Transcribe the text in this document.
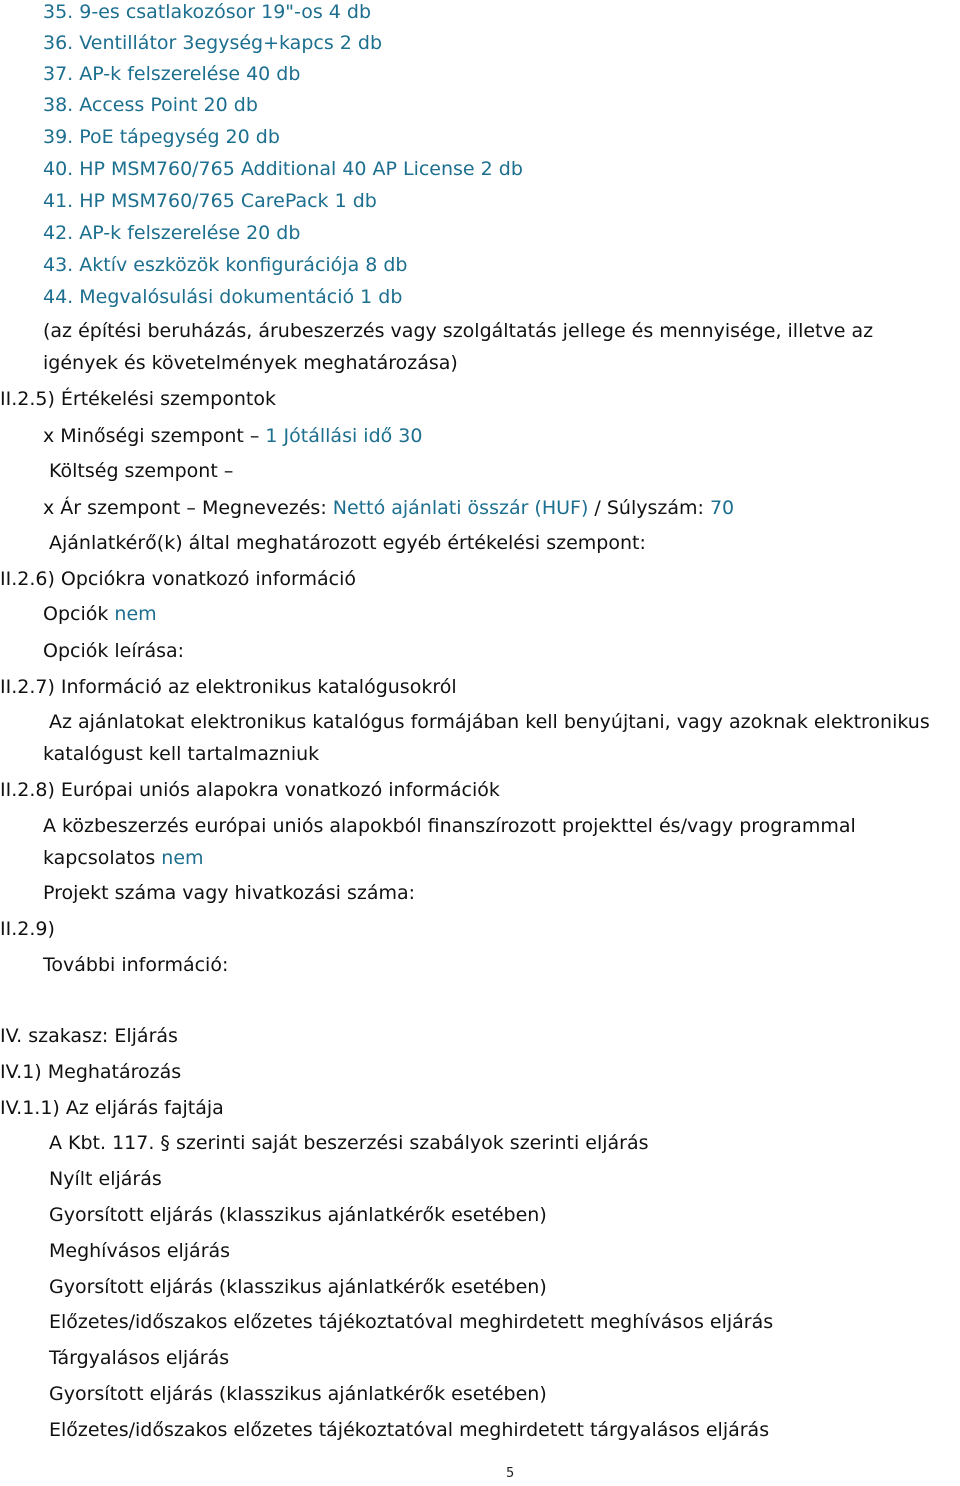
35. 9-es csatlakozósor 19"-os 4 db
36. Ventillátor 3egység+kapcs 2 db
37. AP-k felszerelése 40 db
38. Access Point 20 db
39. PoE tápegység 20 db
40. HP MSM760/765 Additional 40 AP License 2 db
41. HP MSM760/765 CarePack 1 db
42. AP-k felszerelése 20 db
43. Aktív eszközök konfigurációja 8 db
44. Megvalósulási dokumentáció 1 db
(az építési beruházás, árubeszerzés vagy szolgáltatás jellege és mennyisége, illetve az
igények és követelmények meghatározása)
II.2.5) Értékelési szempontok
x Minőségi szempont – 1 Jótállási idő 30
Költség szempont –
x Ár szempont – Megnevezés: Nettó ajánlati összár (HUF) / Súlyszám: 70
Ajánlatkérő(k) által meghatározott egyéb értékelési szempont:
II.2.6) Opciókra vonatkozó információ
Opciók nem
Opciók leírása:
II.2.7) Információ az elektronikus katalógusokról
Az ajánlatokat elektronikus katalógus formájában kell benyújtani, vagy azoknak elektronikus
katalógust kell tartalmazniuk
II.2.8) Európai uniós alapokra vonatkozó információk
A közbeszerzés európai uniós alapokból finanszírozott projekttel és/vagy programmal
kapcsolatos nem
Projekt száma vagy hivatkozási száma:
II.2.9)
További információ:
IV. szakasz: Eljárás
IV.1) Meghatározás
IV.1.1) Az eljárás fajtája
A Kbt. 117. § szerinti saját beszerzési szabályok szerinti eljárás
Nyílt eljárás
Gyorsított eljárás (klasszikus ajánlatkérők esetében)
Meghívásos eljárás
Gyorsított eljárás (klasszikus ajánlatkérők esetében)
Előzetes/időszakos előzetes tájékoztatóval meghirdetett meghívásos eljárás
Tárgyalásos eljárás
Gyorsított eljárás (klasszikus ajánlatkérők esetében)
Előzetes/időszakos előzetes tájékoztatóval meghirdetett tárgyalásos eljárás
5
